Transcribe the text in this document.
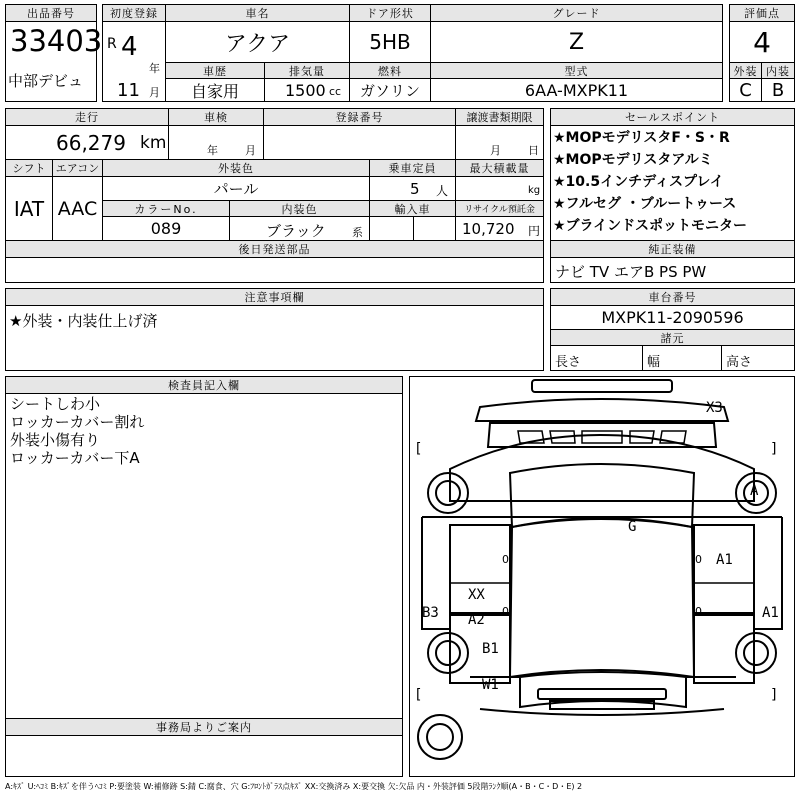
出品番号
33403
中部デビュ
初度登録
R 4
年
11 月
車名
アクア
ドア形状
5HB
グレード
Z
評価点
4
車歴
自家用
排気量
1500 cc
燃料
ガソリン
型式
6AA-MXPK11
外装
C
内装
B
走行
66,279 km
車検
年 月
登録番号	譲渡書類期限
月 日
シフト
IAT
エアコン
AAC
外装色
パール
乗車定員
5 人
最大積載量
kg
カラーNo.
089
内装色
ブラック 系
輸入車	リサイクル預託金
10,720 円
後日発送部品
セールスポイント
★MOPモデリスタF・S・R
★MOPモデリスタアルミ
★10.5インチディスプレイ
★フルセグ ・ブルートゥース
★ブラインドスポットモニター
純正装備
ナビ TV エアB PS PW
注意事項欄
★外装・内装仕上げ済
車台番号
MXPK11-2090596
諸元
長さ	幅	高さ
検査員記入欄
シートしわ小
ロッカーカバー割れ
外装小傷有り
ロッカーカバー下A
事務局よりご案内
[	]
[	]
0	0
0	0
X3
A
G
A1
A1
B3
XX
A2
B1
W1
A:ｷｽﾞ U:ﾍｺﾐ B:ｷｽﾞを伴うﾍｺﾐ P:要塗装 W:補修跡 S:錆 C:腐食、穴 G:ﾌﾛﾝﾄｶﾞﾗｽ点ｷｽﾞ XX:交換済み X:要交換 欠:欠品 内・外装評価 5段階ﾗﾝｸ順(A・B・C・D・E) 2
